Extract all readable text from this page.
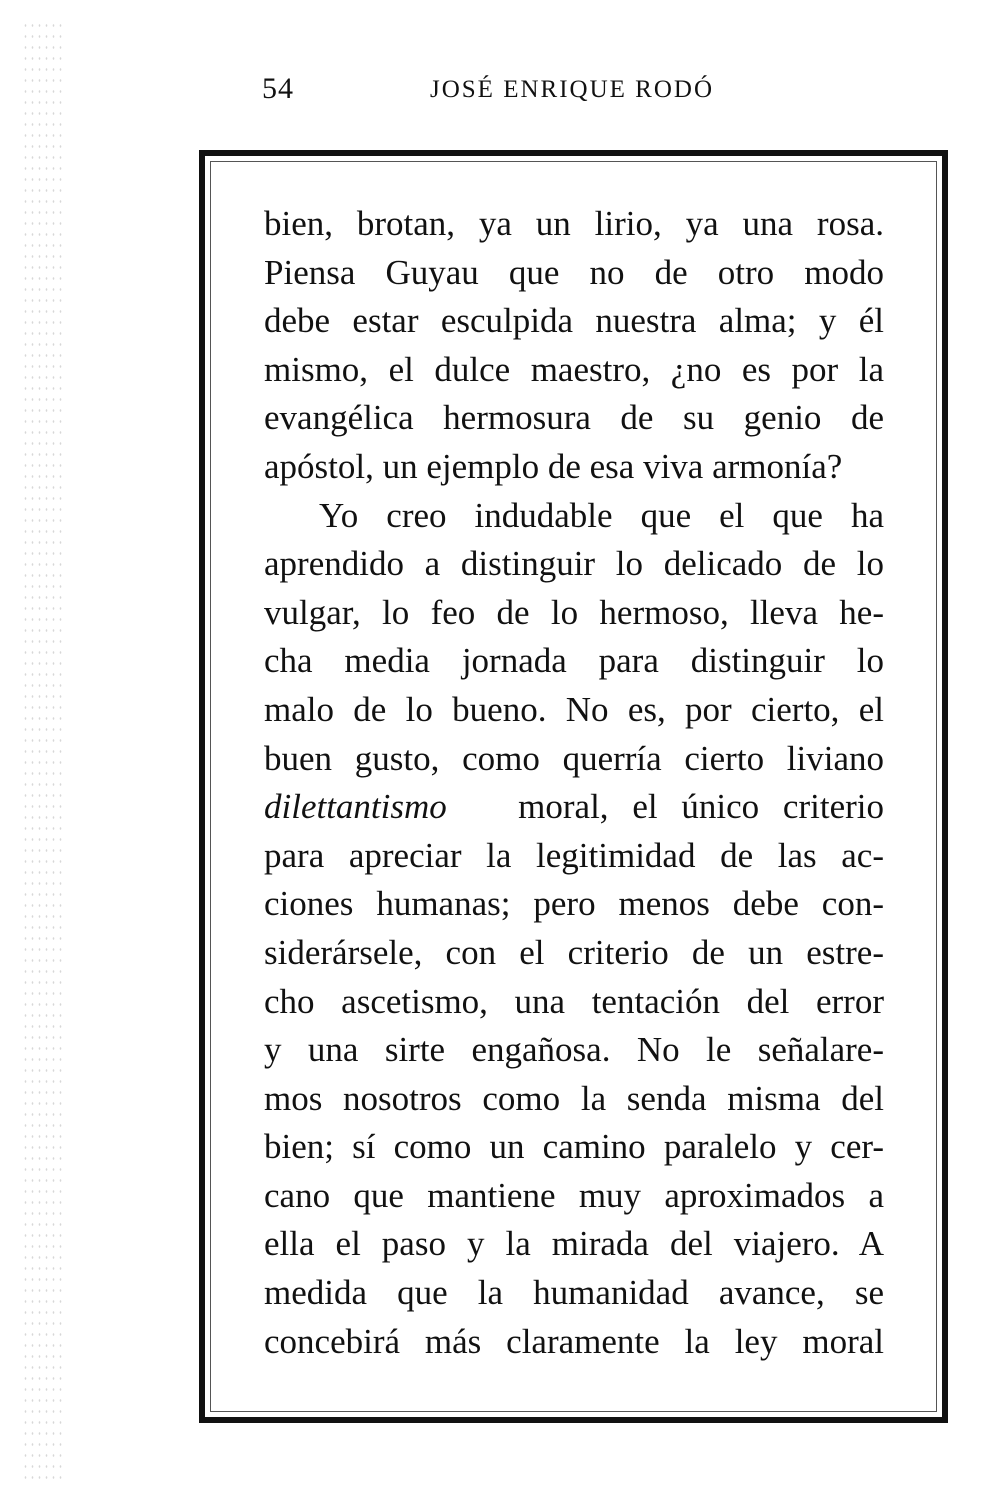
54	JOSÉ ENRIQUE RODÓ
bien, brotan, ya un lirio, ya una rosa.
Piensa Guyau que no de otro modo
debe estar esculpida nuestra alma; y él
mismo, el dulce maestro, ¿no es por la
evangélica hermosura de su genio de
apóstol, un ejemplo de esa viva armonía?
Yo creo indudable que el que ha
aprendido a distinguir lo delicado de lo
vulgar, lo feo de lo hermoso, lleva he-
cha media jornada para distinguir lo
malo de lo bueno. No es, por cierto, el
buen gusto, como querría cierto liviano
dilettantismo moral, el único criterio
para apreciar la legitimidad de las ac-
ciones humanas; pero menos debe con-
siderársele, con el criterio de un estre-
cho ascetismo, una tentación del error
y una sirte engañosa. No le señalare-
mos nosotros como la senda misma del
bien; sí como un camino paralelo y cer-
cano que mantiene muy aproximados a
ella el paso y la mirada del viajero. A
medida que la humanidad avance, se
concebirá más claramente la ley moral
